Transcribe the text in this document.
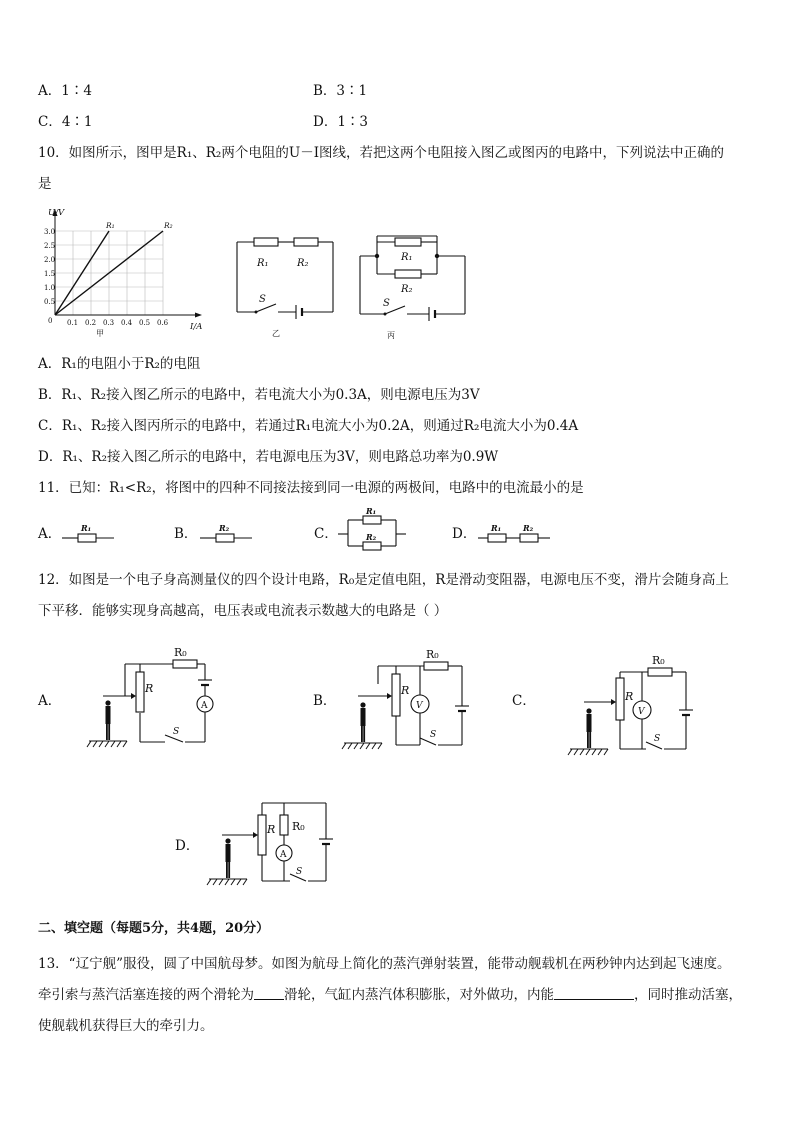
A．1∶4	B．3∶1
C．4∶1	D．1∶3
10．如图所示，图甲是R₁、R₂两个电阻的U－I图线，若把这两个电阻接入图乙或图丙的电路中，下列说法中正确的
是
U/V
I/A
3.0
2.5
2.0
1.5
1.0
0.5
0 0.1 0.2 0.3 0.4 0.5 0.6
R₁	R₂
甲
R₁	R₂
S
乙
R₁
R₂
S
丙
A．R₁的电阻小于R₂的电阻
B．R₁、R₂接入图乙所示的电路中，若电流大小为0.3A，则电源电压为3V
C．R₁、R₂接入图丙所示的电路中，若通过R₁电流大小为0.2A，则通过R₂电流大小为0.4A
D．R₁、R₂接入图乙所示的电路中，若电源电压为3V，则电路总功率为0.9W
11．已知：R₁<R₂，将图中的四种不同接法接到同一电源的两极间，电路中的电流最小的是
A． R₁	B．	R₂	C．
R₁
R₂	D． R₁	R₂
12．如图是一个电子身高测量仪的四个设计电路，R₀是定值电阻，R是滑动变阻器，电源电压不变，滑片会随身高上
下平移．能够实现身高越高，电压表或电流表示数越大的电路是（ ）
A．
R₀
R
A
S
B．
R₀
R
V
S
C．
R₀
R
V
S
D．
R₀
R
A
S
二、填空题（每题5分，共4题，20分）
13．“辽宁舰”服役，圆了中国航母梦。如图为航母上简化的蒸汽弹射装置，能带动舰载机在两秒钟内达到起飞速度。
牵引索与蒸汽活塞连接的两个滑轮为 滑轮，气缸内蒸汽体积膨胀，对外做功，内能	，同时推动活塞，
使舰载机获得巨大的牵引力。
